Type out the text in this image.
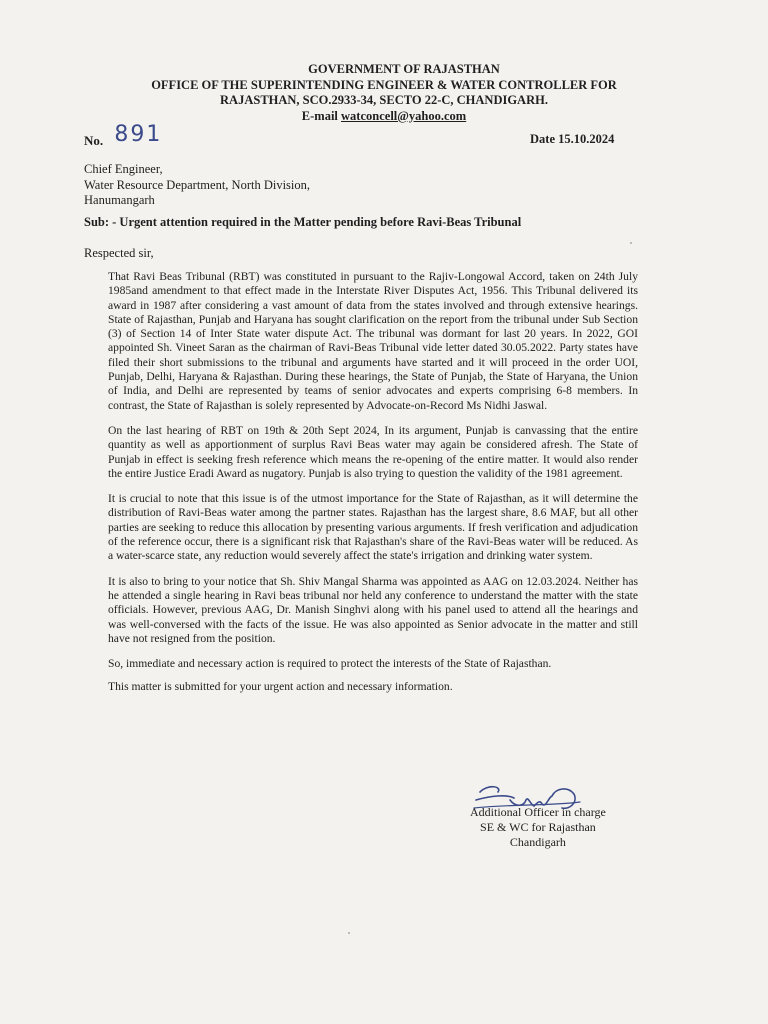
GOVERNMENT OF RAJASTHAN
OFFICE OF THE SUPERINTENDING ENGINEER & WATER CONTROLLER FOR
RAJASTHAN, SCO.2933-34, SECTO 22-C, CHANDIGARH.
E-mail watconcell@yahoo.com
No. 891	Date 15.10.2024
Chief Engineer,
Water Resource Department, North Division,
Hanumangarh
Sub: - Urgent attention required in the Matter pending before Ravi-Beas Tribunal
Respected sir,

That Ravi Beas Tribunal (RBT) was constituted in pursuant to the Rajiv-Longowal Accord, taken on 24th July 1985and amendment to that effect made in the Interstate River Disputes Act, 1956. This Tribunal delivered its award in 1987 after considering a vast amount of data from the states involved and through extensive hearings. State of Rajasthan, Punjab and Haryana has sought clarification on the report from the tribunal under Sub Section (3) of Section 14 of Inter State water dispute Act. The tribunal was dormant for last 20 years. In 2022, GOI appointed Sh. Vineet Saran as the chairman of Ravi-Beas Tribunal vide letter dated 30.05.2022. Party states have filed their short submissions to the tribunal and arguments have started and it will proceed in the order UOI, Punjab, Delhi, Haryana & Rajasthan. During these hearings, the State of Punjab, the State of Haryana, the Union of India, and Delhi are represented by teams of senior advocates and experts comprising 6-8 members. In contrast, the State of Rajasthan is solely represented by Advocate-on-Record Ms Nidhi Jaswal.

On the last hearing of RBT on 19th & 20th Sept 2024, In its argument, Punjab is canvassing that the entire quantity as well as apportionment of surplus Ravi Beas water may again be considered afresh. The State of Punjab in effect is seeking fresh reference which means the re-opening of the entire matter. It would also render the entire Justice Eradi Award as nugatory. Punjab is also trying to question the validity of the 1981 agreement.

It is crucial to note that this issue is of the utmost importance for the State of Rajasthan, as it will determine the distribution of Ravi-Beas water among the partner states. Rajasthan has the largest share, 8.6 MAF, but all other parties are seeking to reduce this allocation by presenting various arguments. If fresh verification and adjudication of the reference occur, there is a significant risk that Rajasthan's share of the Ravi-Beas water will be reduced. As a water-scarce state, any reduction would severely affect the state's irrigation and drinking water system.

It is also to bring to your notice that Sh. Shiv Mangal Sharma was appointed as AAG on 12.03.2024. Neither has he attended a single hearing in Ravi beas tribunal nor held any conference to understand the matter with the state officials. However, previous AAG, Dr. Manish Singhvi along with his panel used to attend all the hearings and was well-conversed with the facts of the issue. He was also appointed as Senior advocate in the matter and still have not resigned from the position.

So, immediate and necessary action is required to protect the interests of the State of Rajasthan.

This matter is submitted for your urgent action and necessary information.

Additional Officer in charge
SE & WC for Rajasthan
Chandigarh
